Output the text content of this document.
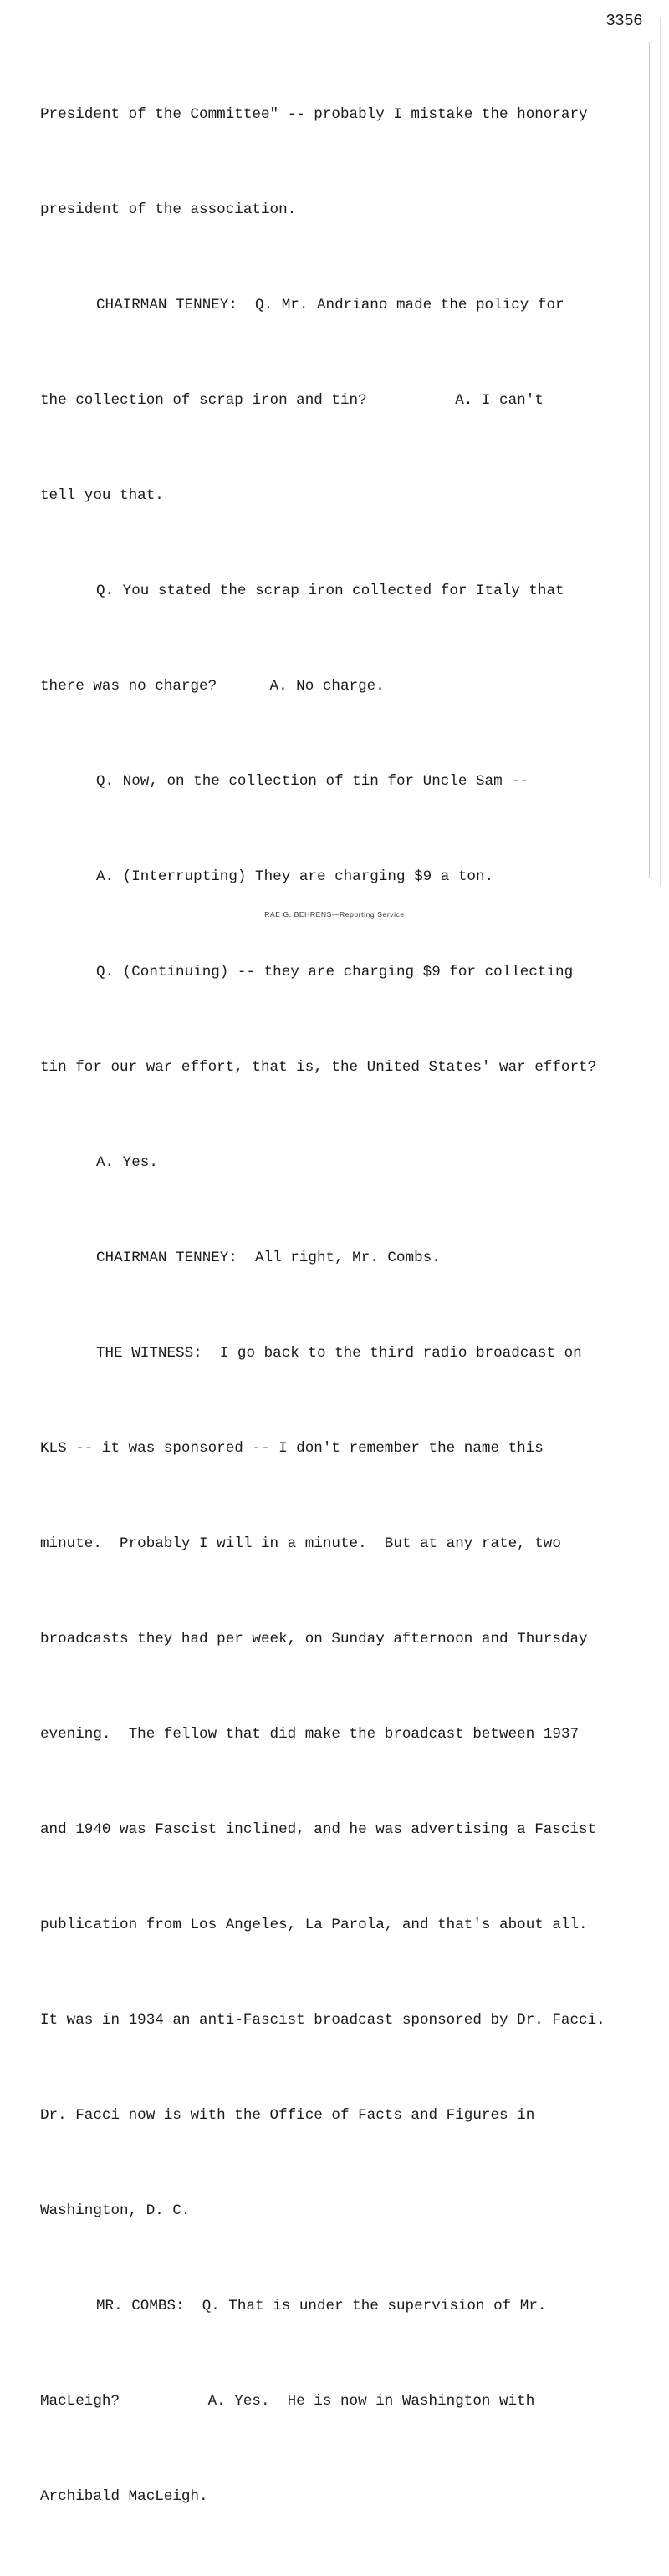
3356

President of the Committee" -- probably I mistake the honorary

president of the association.

CHAIRMAN TENNEY:  Q. Mr. Andriano made the policy for

the collection of scrap iron and tin?          A. I can't

tell you that.

Q. You stated the scrap iron collected for Italy that

there was no charge?      A. No charge.

Q. Now, on the collection of tin for Uncle Sam --

A. (Interrupting) They are charging $9 a ton.

Q. (Continuing) -- they are charging $9 for collecting

tin for our war effort, that is, the United States' war effort?

A. Yes.

CHAIRMAN TENNEY:  All right, Mr. Combs.

THE WITNESS:  I go back to the third radio broadcast on

KLS -- it was sponsored -- I don't remember the name this

minute.  Probably I will in a minute.  But at any rate, two

broadcasts they had per week, on Sunday afternoon and Thursday

evening.  The fellow that did make the broadcast between 1937

and 1940 was Fascist inclined, and he was advertising a Fascist

publication from Los Angeles, La Parola, and that's about all.

It was in 1934 an anti-Fascist broadcast sponsored by Dr. Facci.

Dr. Facci now is with the Office of Facts and Figures in

Washington, D. C.

MR. COMBS:  Q. That is under the supervision of Mr.

MacLeigh?          A. Yes.  He is now in Washington with

Archibald MacLeigh.

RAE G. BEHRENS—Reporting Service
